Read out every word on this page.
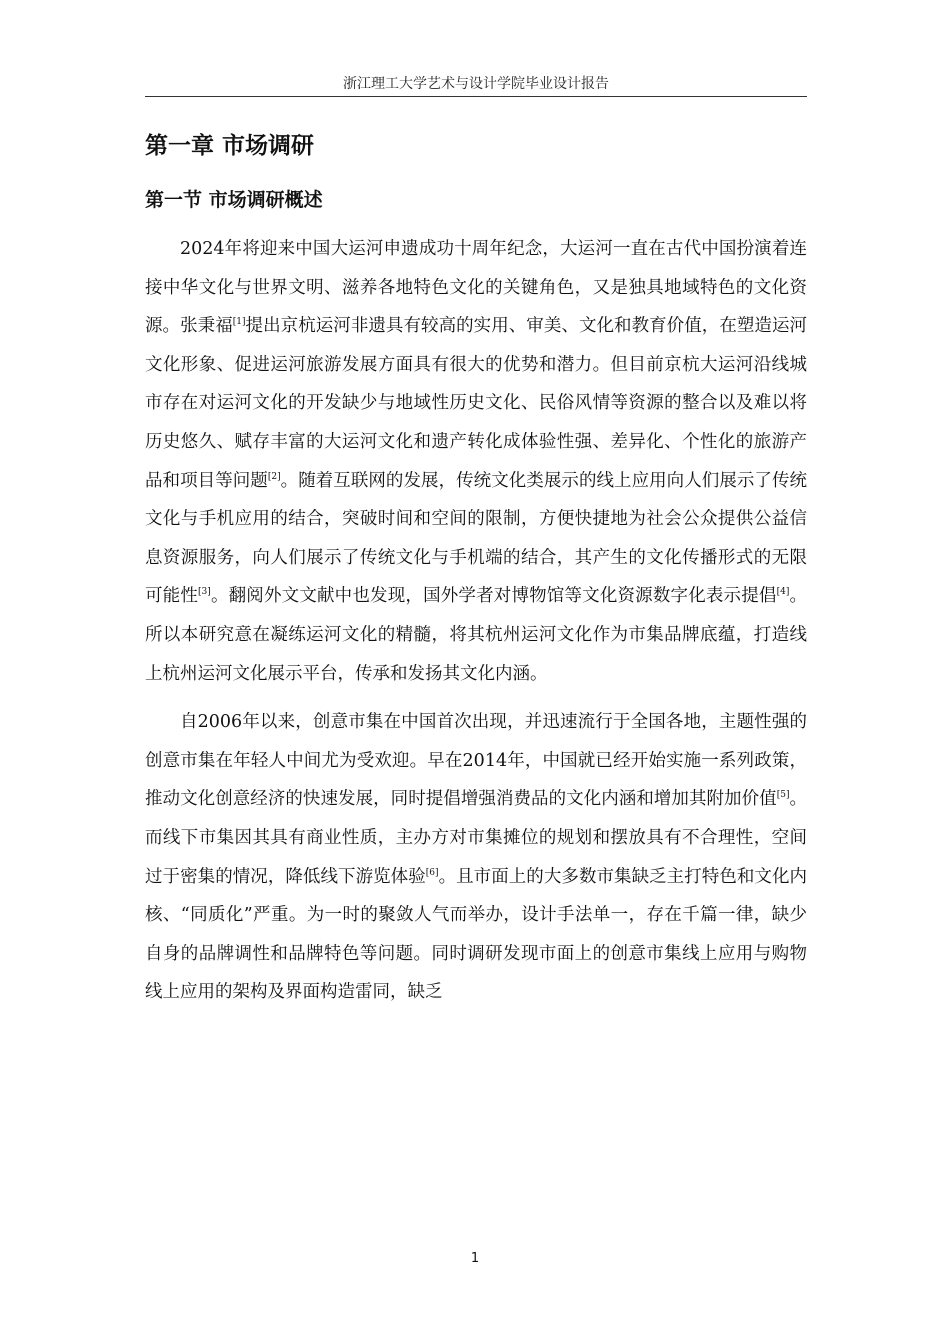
浙江理工大学艺术与设计学院毕业设计报告
第一章 市场调研
第一节 市场调研概述

2024年将迎来中国大运河申遗成功十周年纪念，大运河一直在古代中国扮演着连接中华文化与世界文明、滋养各地特色文化的关键角色，又是独具地域特色的文化资源。张秉福[1]提出京杭运河非遗具有较高的实用、审美、文化和教育价值，在塑造运河文化形象、促进运河旅游发展方面具有很大的优势和潜力。但目前京杭大运河沿线城市存在对运河文化的开发缺少与地域性历史文化、民俗风情等资源的整合以及难以将历史悠久、赋存丰富的大运河文化和遗产转化成体验性强、差异化、个性化的旅游产品和项目等问题[2]。随着互联网的发展，传统文化类展示的线上应用向人们展示了传统文化与手机应用的结合，突破时间和空间的限制，方便快捷地为社会公众提供公益信息资源服务，向人们展示了传统文化与手机端的结合，其产生的文化传播形式的无限可能性[3]。翻阅外文文献中也发现，国外学者对博物馆等文化资源数字化表示提倡[4]。所以本研究意在凝练运河文化的精髓，将其杭州运河文化作为市集品牌底蕴，打造线上杭州运河文化展示平台，传承和发扬其文化内涵。

自2006年以来，创意市集在中国首次出现，并迅速流行于全国各地，主题性强的创意市集在年轻人中间尤为受欢迎。早在2014年，中国就已经开始实施一系列政策，推动文化创意经济的快速发展，同时提倡增强消费品的文化内涵和增加其附加价值[5]。而线下市集因其具有商业性质，主办方对市集摊位的规划和摆放具有不合理性，空间过于密集的情况，降低线下游览体验[6]。且市面上的大多数市集缺乏主打特色和文化内核、“同质化”严重。为一时的聚敛人气而举办，设计手法单一，存在千篇一律，缺少自身的品牌调性和品牌特色等问题。同时调研发现市面上的创意市集线上应用与购物线上应用的架构及界面构造雷同，缺乏

1
